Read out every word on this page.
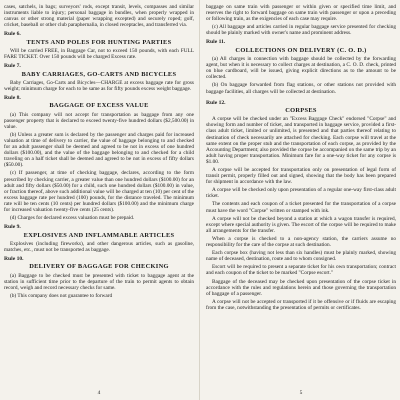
cases, satchels, in bags; surveyors' rods, except transit, levels, compasses and similar instruments liable to injury; personal baggage in bundles, when properly wrapped in canvas or other strong material (paper wrapping excepted) and securely roped; golf, cricket, baseball or other club paraphernalia, in closed receptacles, and transferred via.

Rule 6.
TENTS AND POLES FOR HUNTING PARTIES

Will be carried FREE, in Baggage Car, not to exceed 150 pounds, with each FULL FARE TICKET. Over 150 pounds will be charged Excess rate.

Rule 7.
BABY CARRIAGES, GO-CARTS AND BICYCLES

Baby Carriages, Go-Carts and Bicycles—CHARGE at excess baggage rate for gross weight; minimum charge for each to be same as for fifty pounds excess weight baggage.

Rule 8.
BAGGAGE OF EXCESS VALUE

(a) This company will not accept for transportation as baggage from any one passenger property that is declared to exceed twenty-five hundred dollars ($2,500.00) in value.

(b) Unless a greater sum is declared by the passenger and charges paid for increased valuation at time of delivery to carrier, the value of baggage belonging to and checked for an adult passenger shall be deemed and agreed to be not in excess of one hundred dollars ($100.00), and the value of the baggage belonging to and checked for a child traveling on a half ticket shall be deemed and agreed to be not in excess of fifty dollars ($50.00).

(c) If passenger, at time of checking baggage, declares, according to the form prescribed by checking carrier, a greater value than one hundred dollars ($100.00) for an adult and fifty dollars ($50.00) for a child, such one hundred dollars ($100.00) in value, or fraction thereof, above such additional value will be charged at ten (10) per cent of the excess baggage rate per hundred (100) pounds, for the distance traveled. The minimum rate will be ten cents (10 cents) per hundred dollars ($100.00) and the minimum charge for increased valuation twenty-five cents (25 cents).

(d) Charges for declared excess valuation must be prepaid.

Rule 9.
EXPLOSIVES AND INFLAMMABLE ARTICLES

Explosives (including fireworks), and other dangerous articles, such as gasoline, matches, etc., must not be transported as baggage.

Rule 10.
DELIVERY OF BAGGAGE FOR CHECKING

(a) Baggage to be checked must be presented with ticket to baggage agent at the station in sufficient time prior to the departure of the train to permit agents to obtain record, weigh and record necessary checks for same.

(b) This company does not guarantee to forward

4

baggage on same train with passenger or within given or specified time limit, and reserves the right to forward baggage on same train with passenger or upon a preceding or following train, as the exigencies of each case may require.

(c) All baggage and articles carried in regular baggage service presented for checking should be plainly marked with owner's name and prominent address.

Rule 11.
COLLECTIONS ON DELIVERY (C. O. D.)

(a) All charges in connection with baggage should be collected by the forwarding agent, but when it is necessary to collect charges at destination, a C. O. D. check, printed on blue cardboard, will be issued, giving explicit directions as to the amount to be collected.

(b) On baggage forwarded from flag stations, or other stations not provided with baggage facilities, all charges will be collected at destination.

Rule 12.
CORPSES

A corpse will be checked under an "Excess Baggage Check" endorsed "Corpse" and showing form and number of ticket, and transported in baggage service, provided a first-class adult ticket, limited or unlimited, is presented and that parties thereof relating to destination of check necessarily are attached for checking. Each corpse will travel at the same extent on the proper stub and the transportation of each corpse, as provided by the Accounting Department; also provided the corpse be accompanied on the same trip by an adult having proper transportation. Minimum fare for a one-way ticket for any corpse is $1.00.

A corpse will be accepted for transportation only on presentation of legal form of transit permit, properly filled out and signed, showing that the body has been prepared for shipment in accordance with the law.

A corpse will be checked only upon presentation of a regular one-way first-class adult ticket.

The contents and each coupon of a ticket presented for the transportation of a corpse must have the word "Corpse" written or stamped with ink.

A corpse will not be checked beyond a station at which a wagon transfer is required, except where special authority is given. The escort of the corpse will be required to make all arrangements for the transfer.

When a corpse is checked to a non-agency station, the carriers assume no responsibility for the care of the corpse at such destination.

Each corpse box (having not less than six handles) must be plainly marked, showing name of deceased, destination, route and to whom consigned.

Escort will be required to present a separate ticket for his own transportation; contract and each coupon of the ticket to be marked "Corpse escort."

Baggage of the deceased may be checked upon presentation of the corpse ticket in accordance with the rules and regulations herein and those governing the transportation of baggage of a passenger.

A corpse will not be accepted or transported if it be offensive or if fluids are escaping from the case, notwithstanding the presentation of permits or certificates.

5
